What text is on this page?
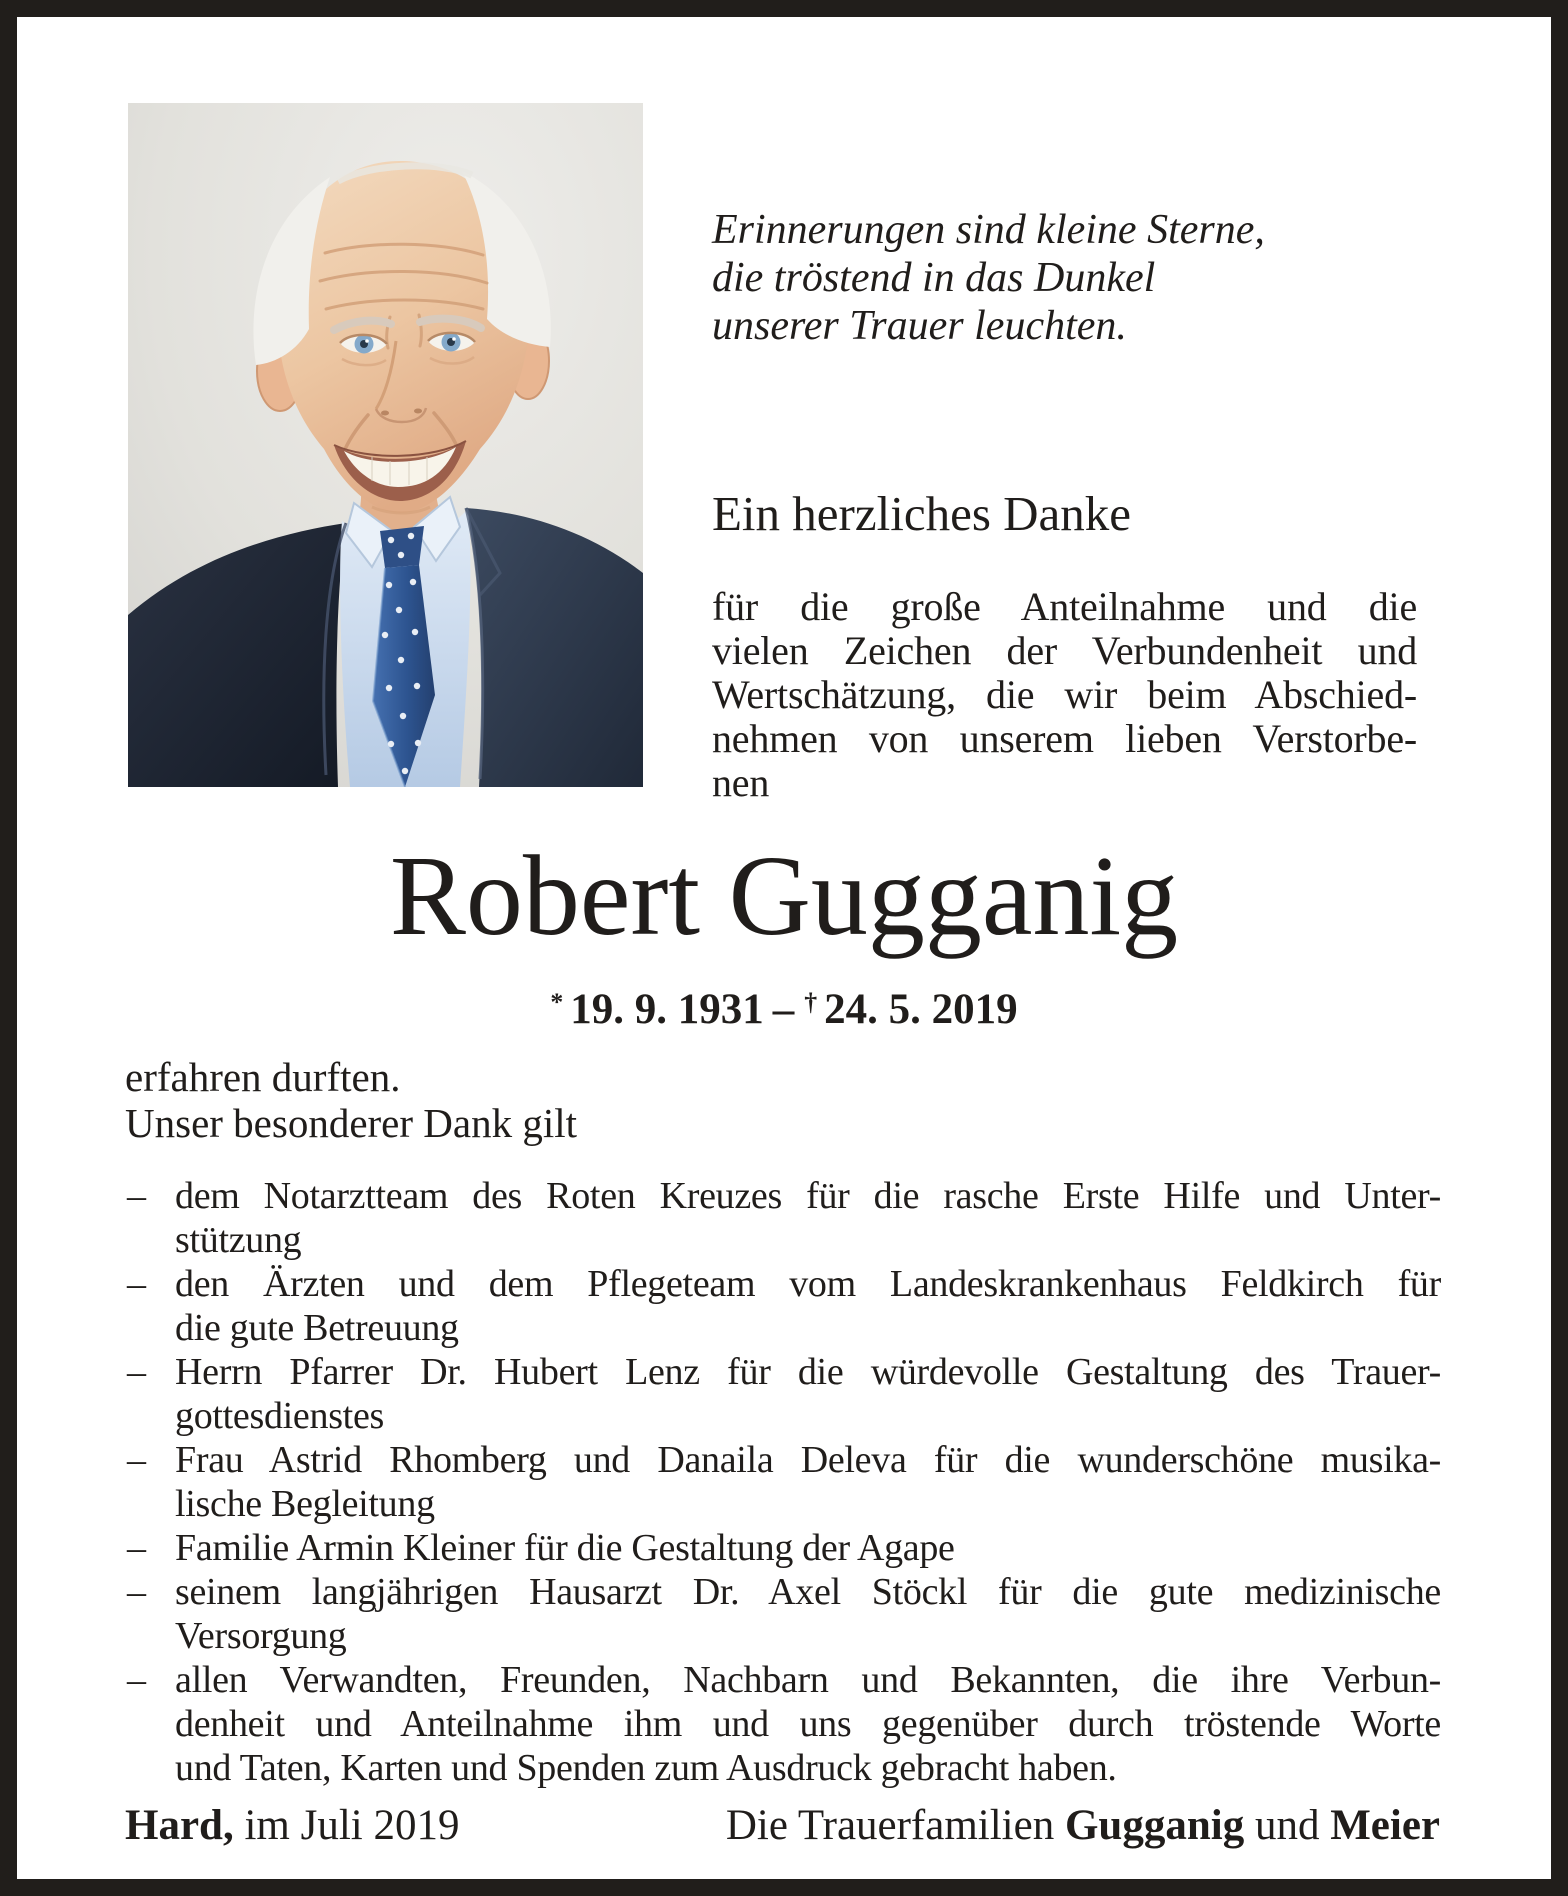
Erinnerungen sind kleine Sterne,
die tröstend in das Dunkel
unserer Trauer leuchten.
Ein herzliches Danke
für die große Anteilnahme und die
vielen Zeichen der Verbundenheit und
Wertschätzung, die wir beim Abschied-
nehmen von unserem lieben Verstorbe-
nen
Robert Gugganig
* 19. 9. 1931 – † 24. 5. 2019
erfahren durften.
Unser besonderer Dank gilt
– dem Notarztteam des Roten Kreuzes für die rasche Erste Hilfe und Unter-
stützung
– den Ärzten und dem Pflegeteam vom Landeskrankenhaus Feldkirch für
die gute Betreuung
– Herrn Pfarrer Dr. Hubert Lenz für die würdevolle Gestaltung des Trauer-
gottesdienstes
– Frau Astrid Rhomberg und Danaila Deleva für die wunderschöne musika-
lische Begleitung
– Familie Armin Kleiner für die Gestaltung der Agape
– seinem langjährigen Hausarzt Dr. Axel Stöckl für die gute medizinische
Versorgung
– allen Verwandten, Freunden, Nachbarn und Bekannten, die ihre Verbun-
denheit und Anteilnahme ihm und uns gegenüber durch tröstende Worte
und Taten, Karten und Spenden zum Ausdruck gebracht haben.
Hard, im Juli 2019	Die Trauerfamilien Gugganig und Meier
